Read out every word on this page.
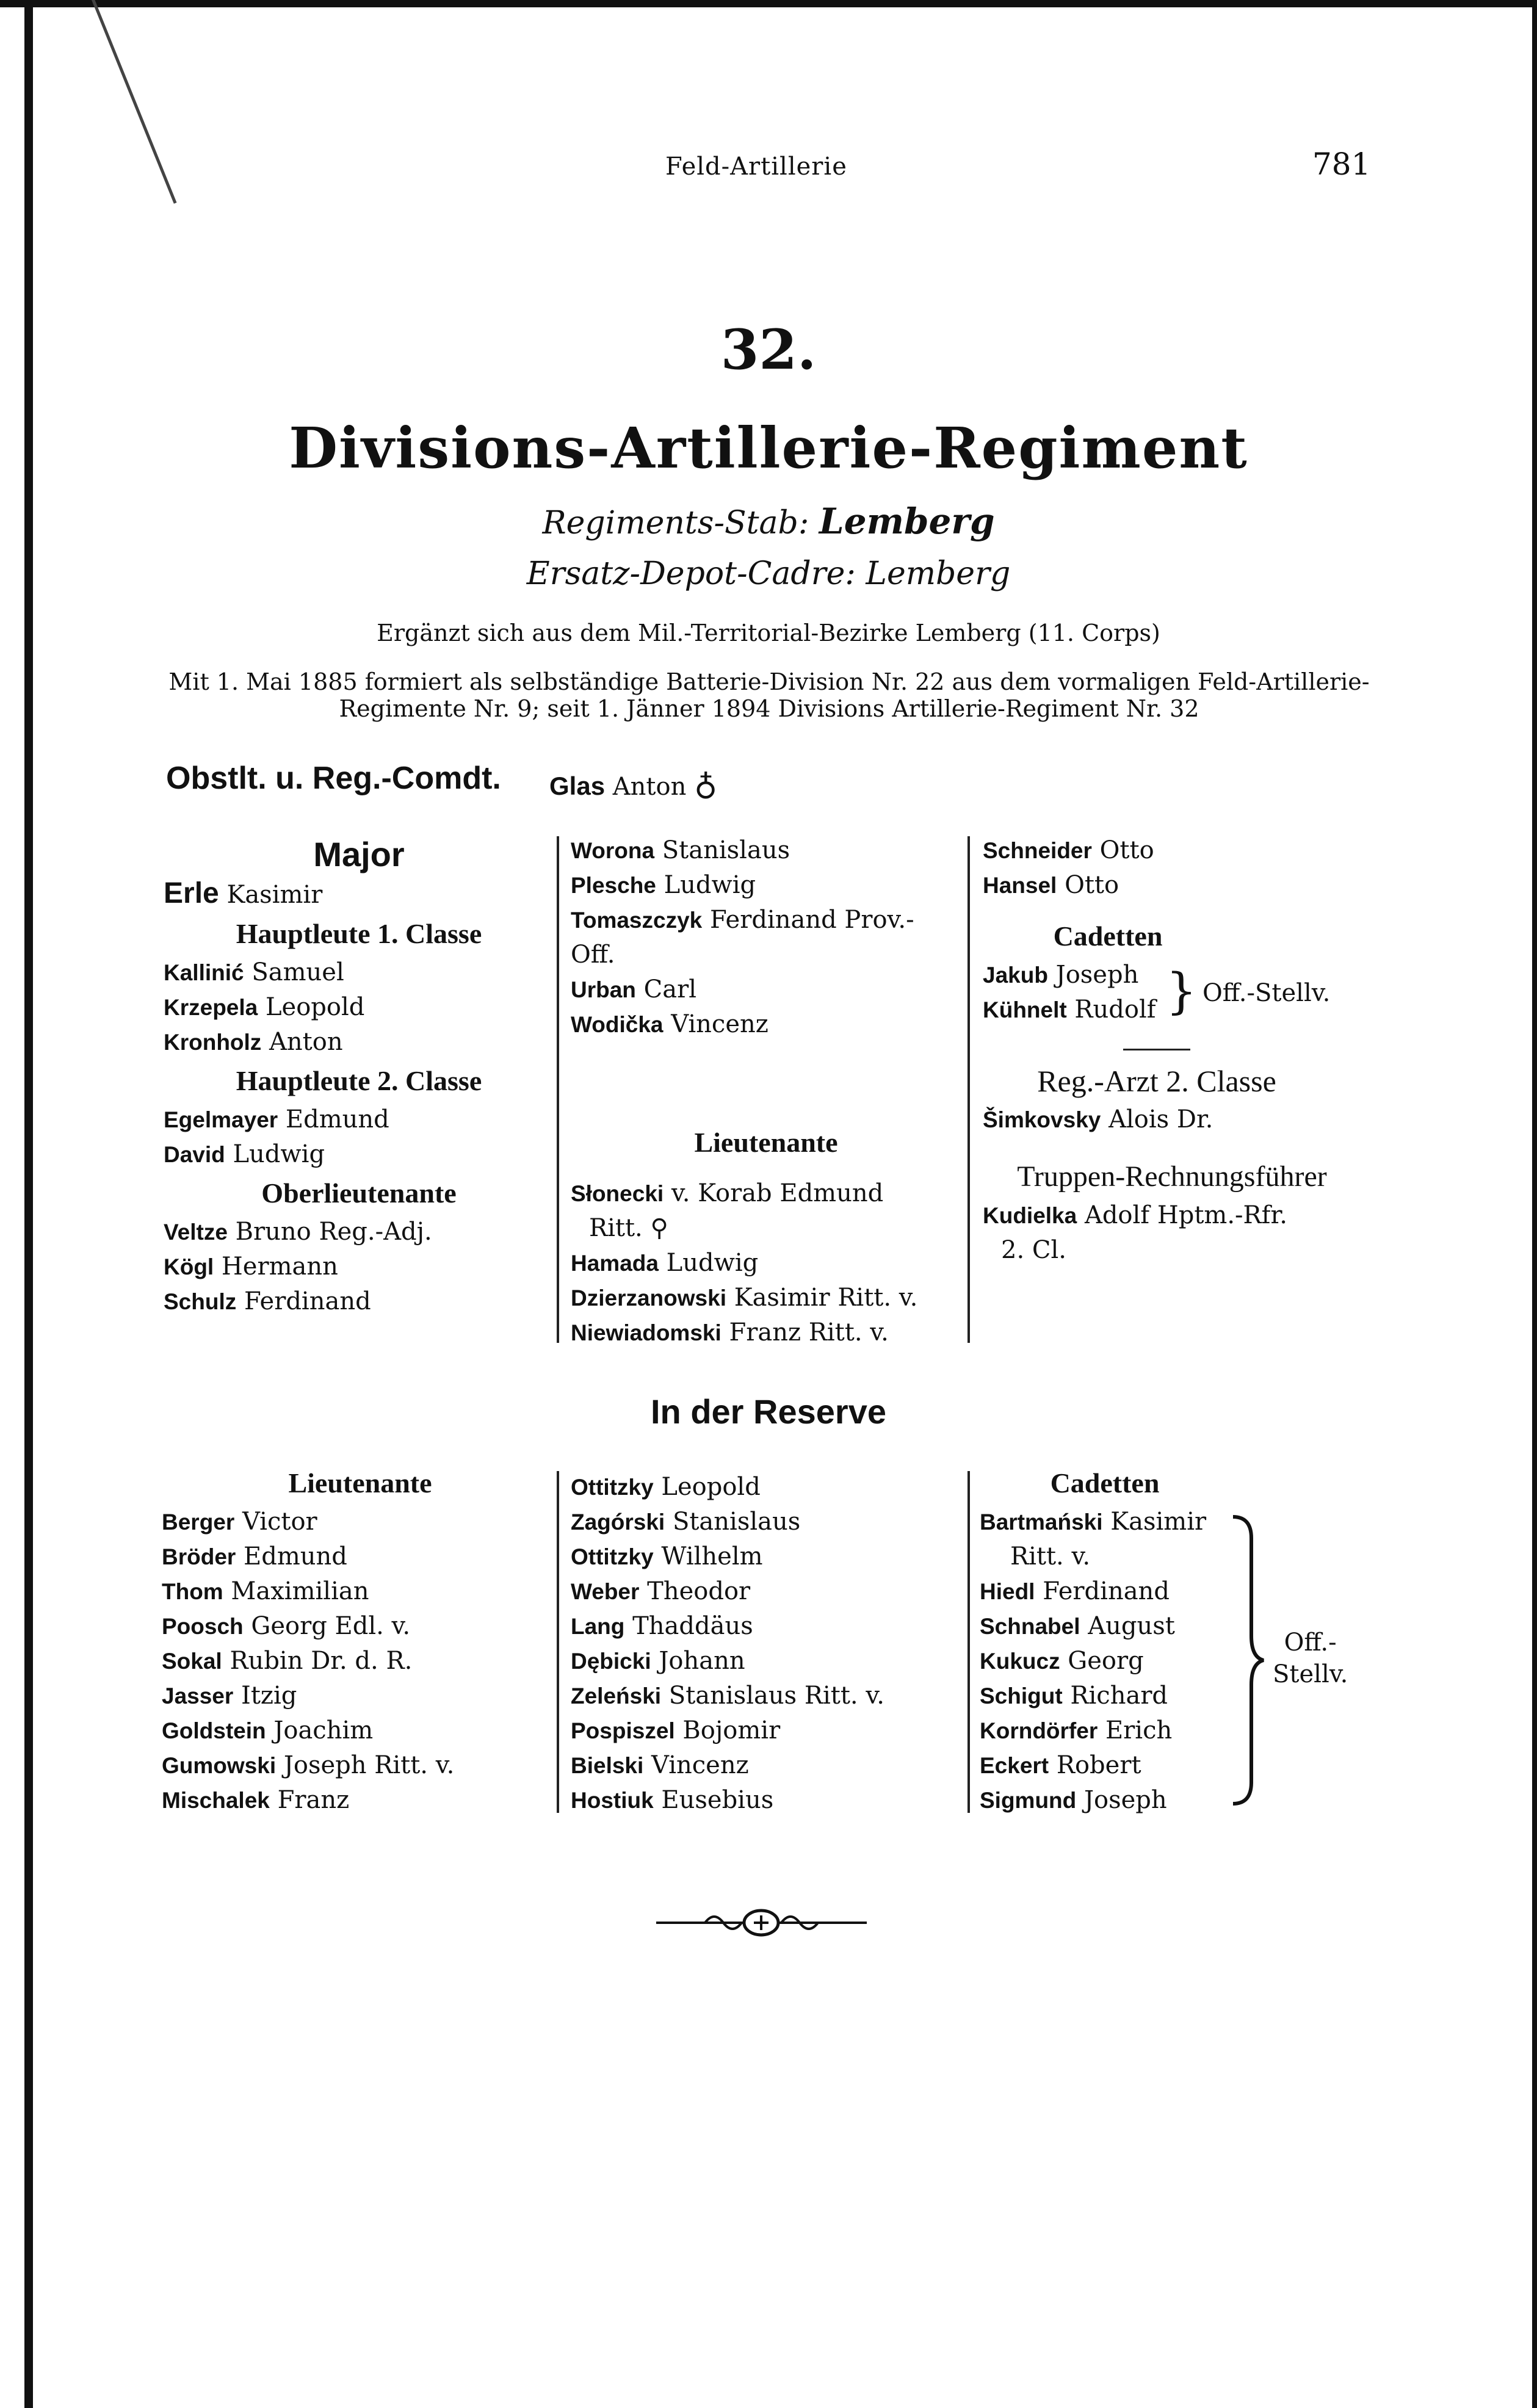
Feld-Artillerie	781
32.
Divisions-Artillerie-Regiment
Regiments-Stab: Lemberg
Ersatz-Depot-Cadre: Lemberg
Ergänzt sich aus dem Mil.-Territorial-Bezirke Lemberg (11. Corps)
Mit 1. Mai 1885 formiert als selbständige Batterie-Division Nr. 22 aus dem vormaligen Feld-Artillerie-
Regimente Nr. 9; seit 1. Jänner 1894 Divisions Artillerie-Regiment Nr. 32
Obstlt. u. Reg.-Comdt. Glas Anton ♁
Major
Erle Kasimir
Hauptleute 1. Classe
Kallinić Samuel
Krzepela Leopold
Kronholz Anton
Hauptleute 2. Classe
Egelmayer Edmund
David Ludwig
Oberlieutenante
Veltze Bruno Reg.-Adj.
Kögl Hermann
Schulz Ferdinand
Worona Stanislaus
Plesche Ludwig
Tomaszczyk Ferdinand Prov.-
Off.
Urban Carl
Wodička Vincenz
Lieutenante
Słonecki v. Korab Edmund
Ritt. ⚲
Hamada Ludwig
Dzierzanowski Kasimir Ritt. v.
Niewiadomski Franz Ritt. v.
Schneider Otto
Hansel Otto
Cadetten
Jakub Joseph
Kühnelt Rudolf } Off.-Stellv.
Reg.-Arzt 2. Classe
Šimkovsky Alois Dr.
Truppen-Rechnungsführer
Kudielka Adolf Hptm.-Rfr.
2. Cl.
In der Reserve
Lieutenante
Berger Victor
Bröder Edmund
Thom Maximilian
Poosch Georg Edl. v.
Sokal Rubin Dr. d. R.
Jasser Itzig
Goldstein Joachim
Gumowski Joseph Ritt. v.
Mischalek Franz
Ottitzky Leopold
Zagórski Stanislaus
Ottitzky Wilhelm
Weber Theodor
Lang Thaddäus
Dębicki Johann
Zeleński Stanislaus Ritt. v.
Pospiszel Bojomir
Bielski Vincenz
Hostiuk Eusebius
Cadetten
Bartmański Kasimir
Ritt. v.
Hiedl Ferdinand
Schnabel August
Kukucz Georg
Schigut Richard
Korndörfer Erich
Eckert Robert
Sigmund Joseph
Off.-
Stellv.
